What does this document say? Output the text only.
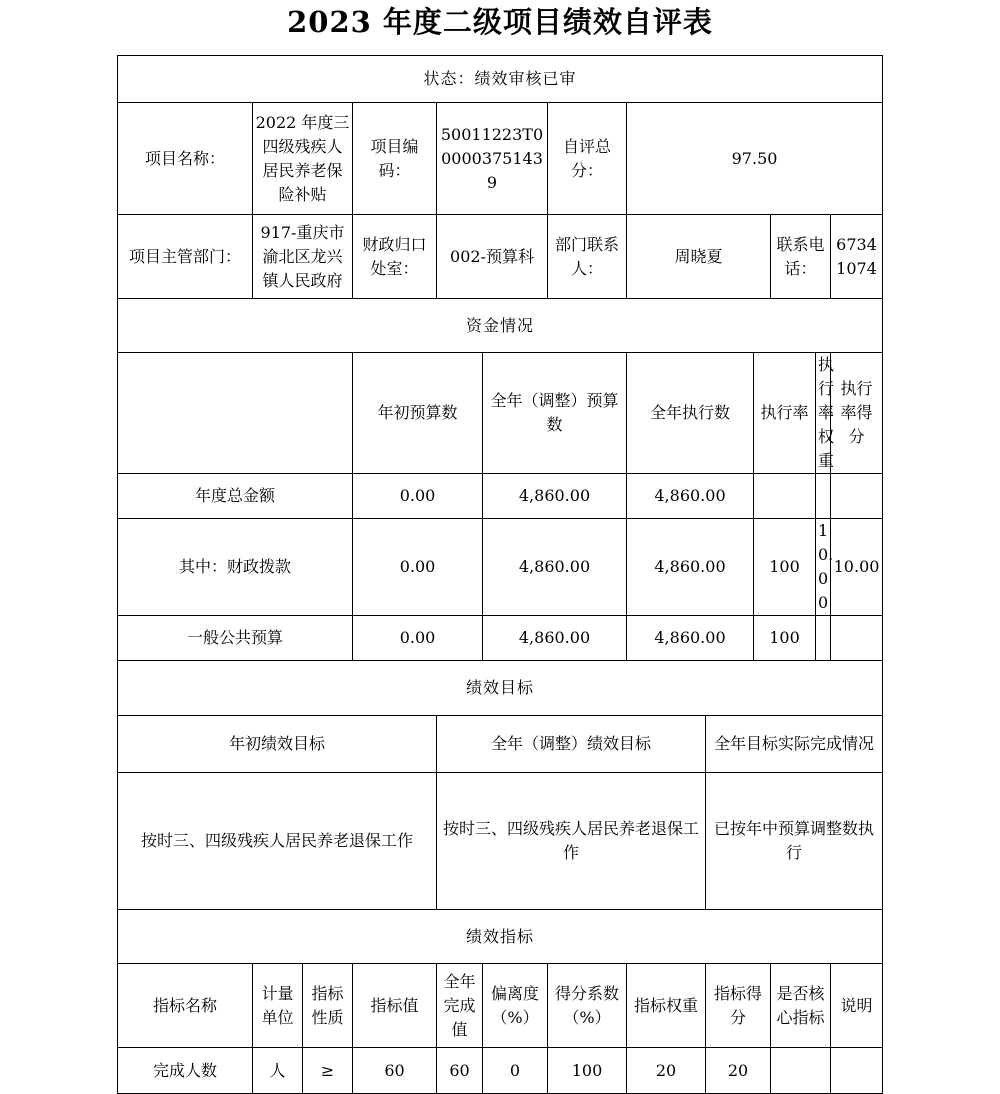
2023 年度二级项目绩效自评表
状态：绩效审核已审												
项目名称：	2022 年度三四级残疾人居民养老保险补贴		项目编码：	50011223T000003751439		自评总分：	97.50					
项目主管部门：	917-重庆市渝北区龙兴镇人民政府		财政归口处室：	002-预算科		部门联系人：	周晓夏			联系电话：		67341074
资金情况												
			年初预算数		全年（调整）预算数		全年执行数		执行率		执行率权重	执行率得分
年度总金额			0.00		4,860.00		4,860.00					
其中：财政拨款			0.00		4,860.00		4,860.00		100		10.00	10.00
一般公共预算			0.00		4,860.00		4,860.00		100			
绩效目标												
年初绩效目标				全年（调整）绩效目标				全年目标实际完成情况				
按时三、四级残疾人居民养老退保工作				按时三、四级残疾人居民养老退保工作				已按年中预算调整数执行				
绩效指标												
指标名称	计量单位	指标性质	指标值	全年完成值	偏离度（%）	得分系数（%）	指标权重	指标得分		是否核心指标		说明
完成人数	人	≥	60	60	0	100	20	20				
